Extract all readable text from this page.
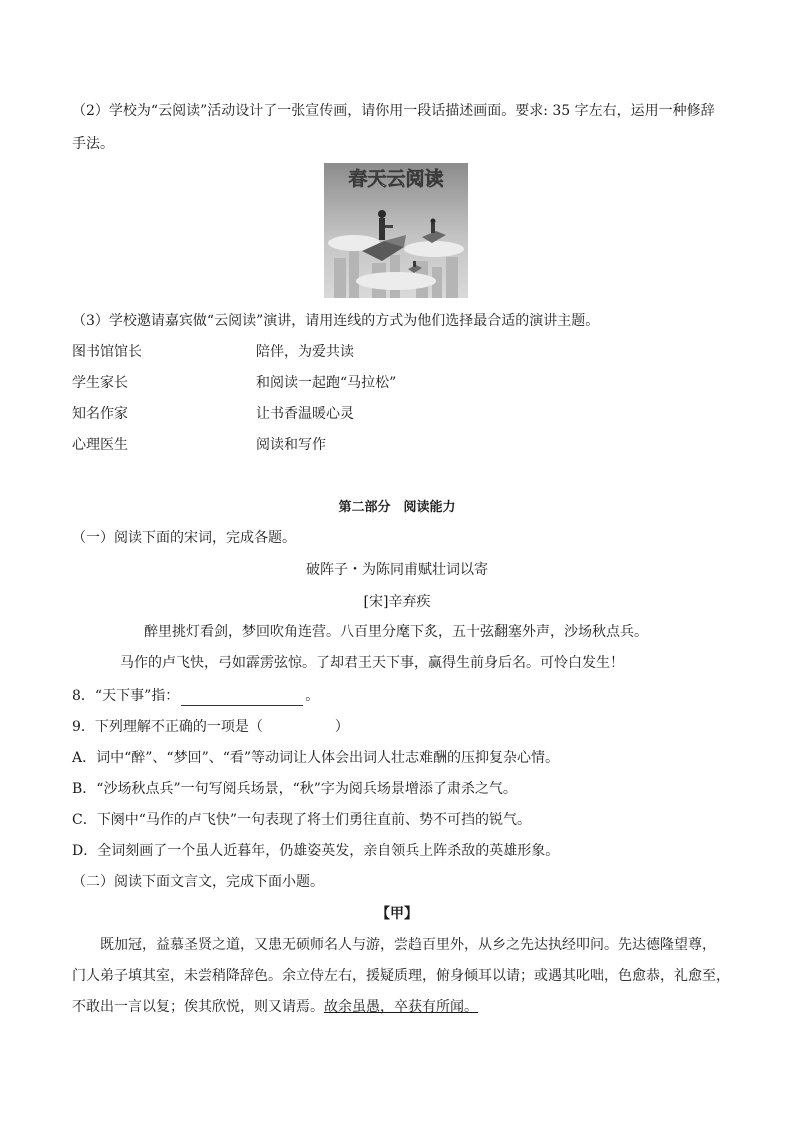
（2）学校为“云阅读”活动设计了一张宣传画，请你用一段话描述画面。要求: 35 字左右，运用一种修辞
手法。
春天云阅读
（3）学校邀请嘉宾做“云阅读”演讲，请用连线的方式为他们选择最合适的演讲主题。
图书馆馆长	陪伴，为爱共读
学生家长	和阅读一起跑“马拉松”
知名作家	让书香温暖心灵
心理医生	阅读和写作
第二部分　阅读能力
（一）阅读下面的宋词，完成各题。
破阵子・为陈同甫赋壮词以寄
[宋]辛弃疾
醉里挑灯看剑，梦回吹角连营。八百里分麾下炙，五十弦翻塞外声，沙场秋点兵。
马作的卢飞快，弓如霹雳弦惊。了却君王天下事，赢得生前身后名。可怜白发生！
8．“天下事”指：	。
9．下列理解不正确的一项是（	）
A．词中“醉”、“梦回”、“看”等动词让人体会出词人壮志难酬的压抑复杂心情。
B．“沙场秋点兵”一句写阅兵场景，“秋”字为阅兵场景增添了肃杀之气。
C．下阕中“马作的卢飞快”一句表现了将士们勇往直前、势不可挡的锐气。
D．全词刻画了一个虽人近暮年，仍雄姿英发，亲自领兵上阵杀敌的英雄形象。
（二）阅读下面文言文，完成下面小题。
【甲】
既加冠，益慕圣贤之道，又患无硕师名人与游，尝趋百里外，从乡之先达执经叩问。先达德隆望尊，
门人弟子填其室，未尝稍降辞色。余立侍左右，援疑质理，俯身倾耳以请；或遇其叱咄，色愈恭，礼愈至，
不敢出一言以复；俟其欣悦，则又请焉。故余虽愚，卒获有所闻。
